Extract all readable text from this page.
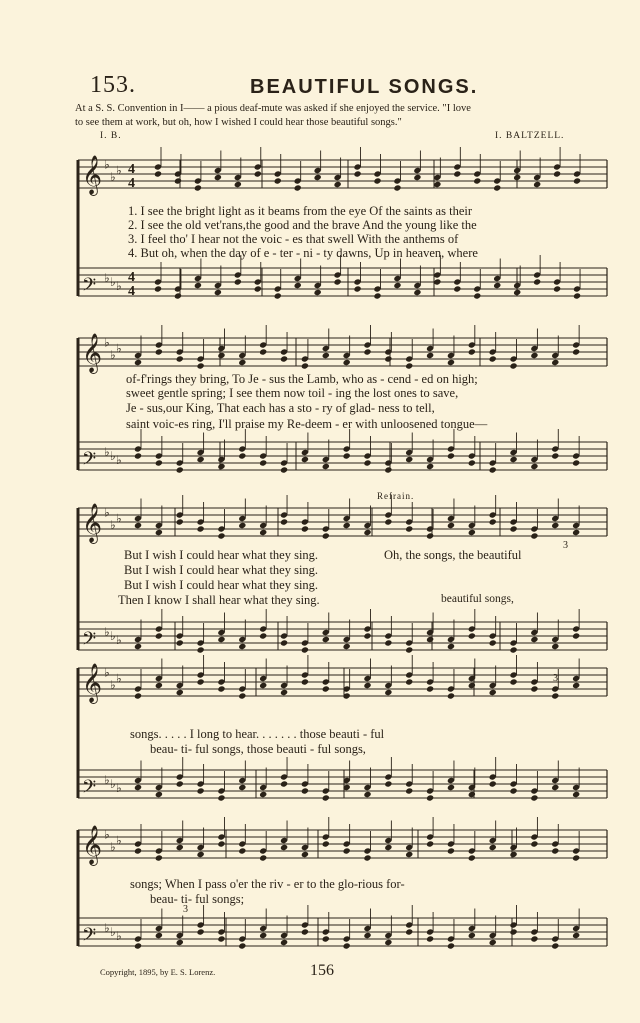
153.	BEAUTIFUL SONGS.
At a S. S. Convention in I—— a pious deaf-mute was asked if she enjoyed the service. "I love
to see them at work, but oh, how I wished I could hear those beautiful songs."
I. B.	I. BALTZELL.
𝄞 ♭
♭ ♭
𝄢 ♭ ♭ ♭
𝄞 ♭
♭ ♭
𝄢 ♭ ♭ ♭
𝄞 ♭
♭ ♭
𝄢 ♭ ♭ ♭
𝄞 ♭
♭ ♭
𝄢 ♭ ♭ ♭
𝄞 ♭
♭ ♭
𝄢 ♭ ♭ ♭
4
4
4
4
1. I see the bright light as it beams from the eye Of the saints as their
2. I see the old vet'rans,the good and the brave And the young like the
3. I feel tho' I hear not the voic - es that swell With the anthems of
4. But oh, when the day of e - ter - ni - ty dawns, Up in heaven, where
of-f'rings they bring, To Je - sus the Lamb, who as - cend - ed on high;
sweet gentle spring; I see them now toil - ing the lost ones to save,
Je - sus,our King, That each has a sto - ry of glad- ness to tell,
saint voic-es ring, I'll praise my Re-deem - er with unloosened tongue—
Refrain.
But I wish I could hear what they sing.
But I wish I could hear what they sing.
But I wish I could hear what they sing.
Then I know I shall hear what they sing.
Oh, the songs, the beautiful
beautiful songs,
3
songs. . . . . I long to hear. . . . . . . those beauti - ful
beau- ti- ful songs, those beauti - ful songs,
3
songs; When I pass o'er the riv - er to the glo-rious for-
beau- ti- ful songs;
3
Copyright, 1895, by E. S. Lorenz.	156
